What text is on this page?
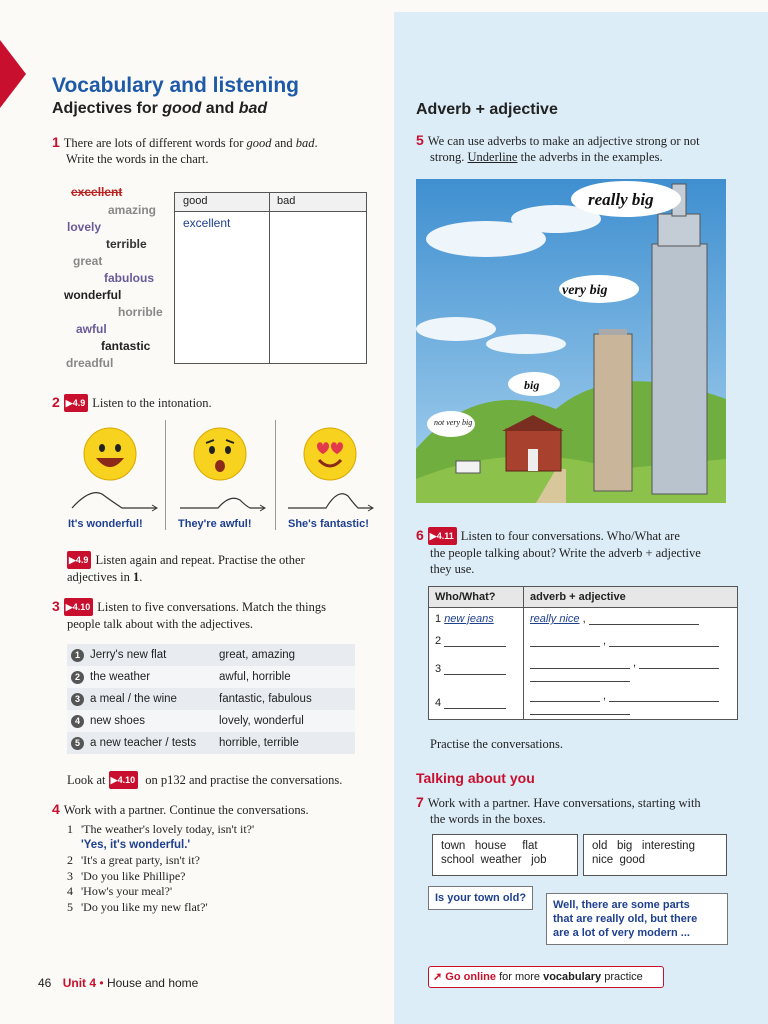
Vocabulary and listening
Adjectives for good and bad
1 There are lots of different words for good and bad.
Write the words in the chart.
excellent
amazing
lovely
terrible
great
fabulous
wonderful
horrible
awful
fantastic
dreadful
good	bad
excellent
2 ▶4.9 Listen to the intonation.
It's wonderful!	They're awful!	She's fantastic!
▶4.9 Listen again and repeat. Practise the other
adjectives in 1.
3 ▶4.10 Listen to five conversations. Match the things
people talk about with the adjectives.
1 Jerry's new flat	great, amazing
2 the weather	awful, horrible
3 a meal / the wine	fantastic, fabulous
4 new shoes	lovely, wonderful
5 a new teacher / tests	horrible, terrible
Look at ▶4.10 on p132 and practise the conversations.
4 Work with a partner. Continue the conversations.
1 'The weather's lovely today, isn't it?'
'Yes, it's wonderful.'
2 'It's a great party, isn't it?
3 'Do you like Phillipe?
4 'How's your meal?'
5 'Do you like my new flat?'
46 Unit 4 • House and home
Adverb + adjective
5 We can use adverbs to make an adjective strong or not
strong. Underline the adverbs in the examples.
really big
very big
big
not very big
6 ▶4.11 Listen to four conversations. Who/What are
the people talking about? Write the adverb + adjective
they use.
Who/What?	adverb + adjective
1 new jeans	really nice ,
2	,
3	,

4	,

Practise the conversations.
Talking about you
7 Work with a partner. Have conversations, starting with
the words in the boxes.
town house flat
school weather job
old big interesting
nice good
Is your town old?
Well, there are some parts
that are really old, but there
are a lot of very modern ...
➚ Go online for more vocabulary practice
